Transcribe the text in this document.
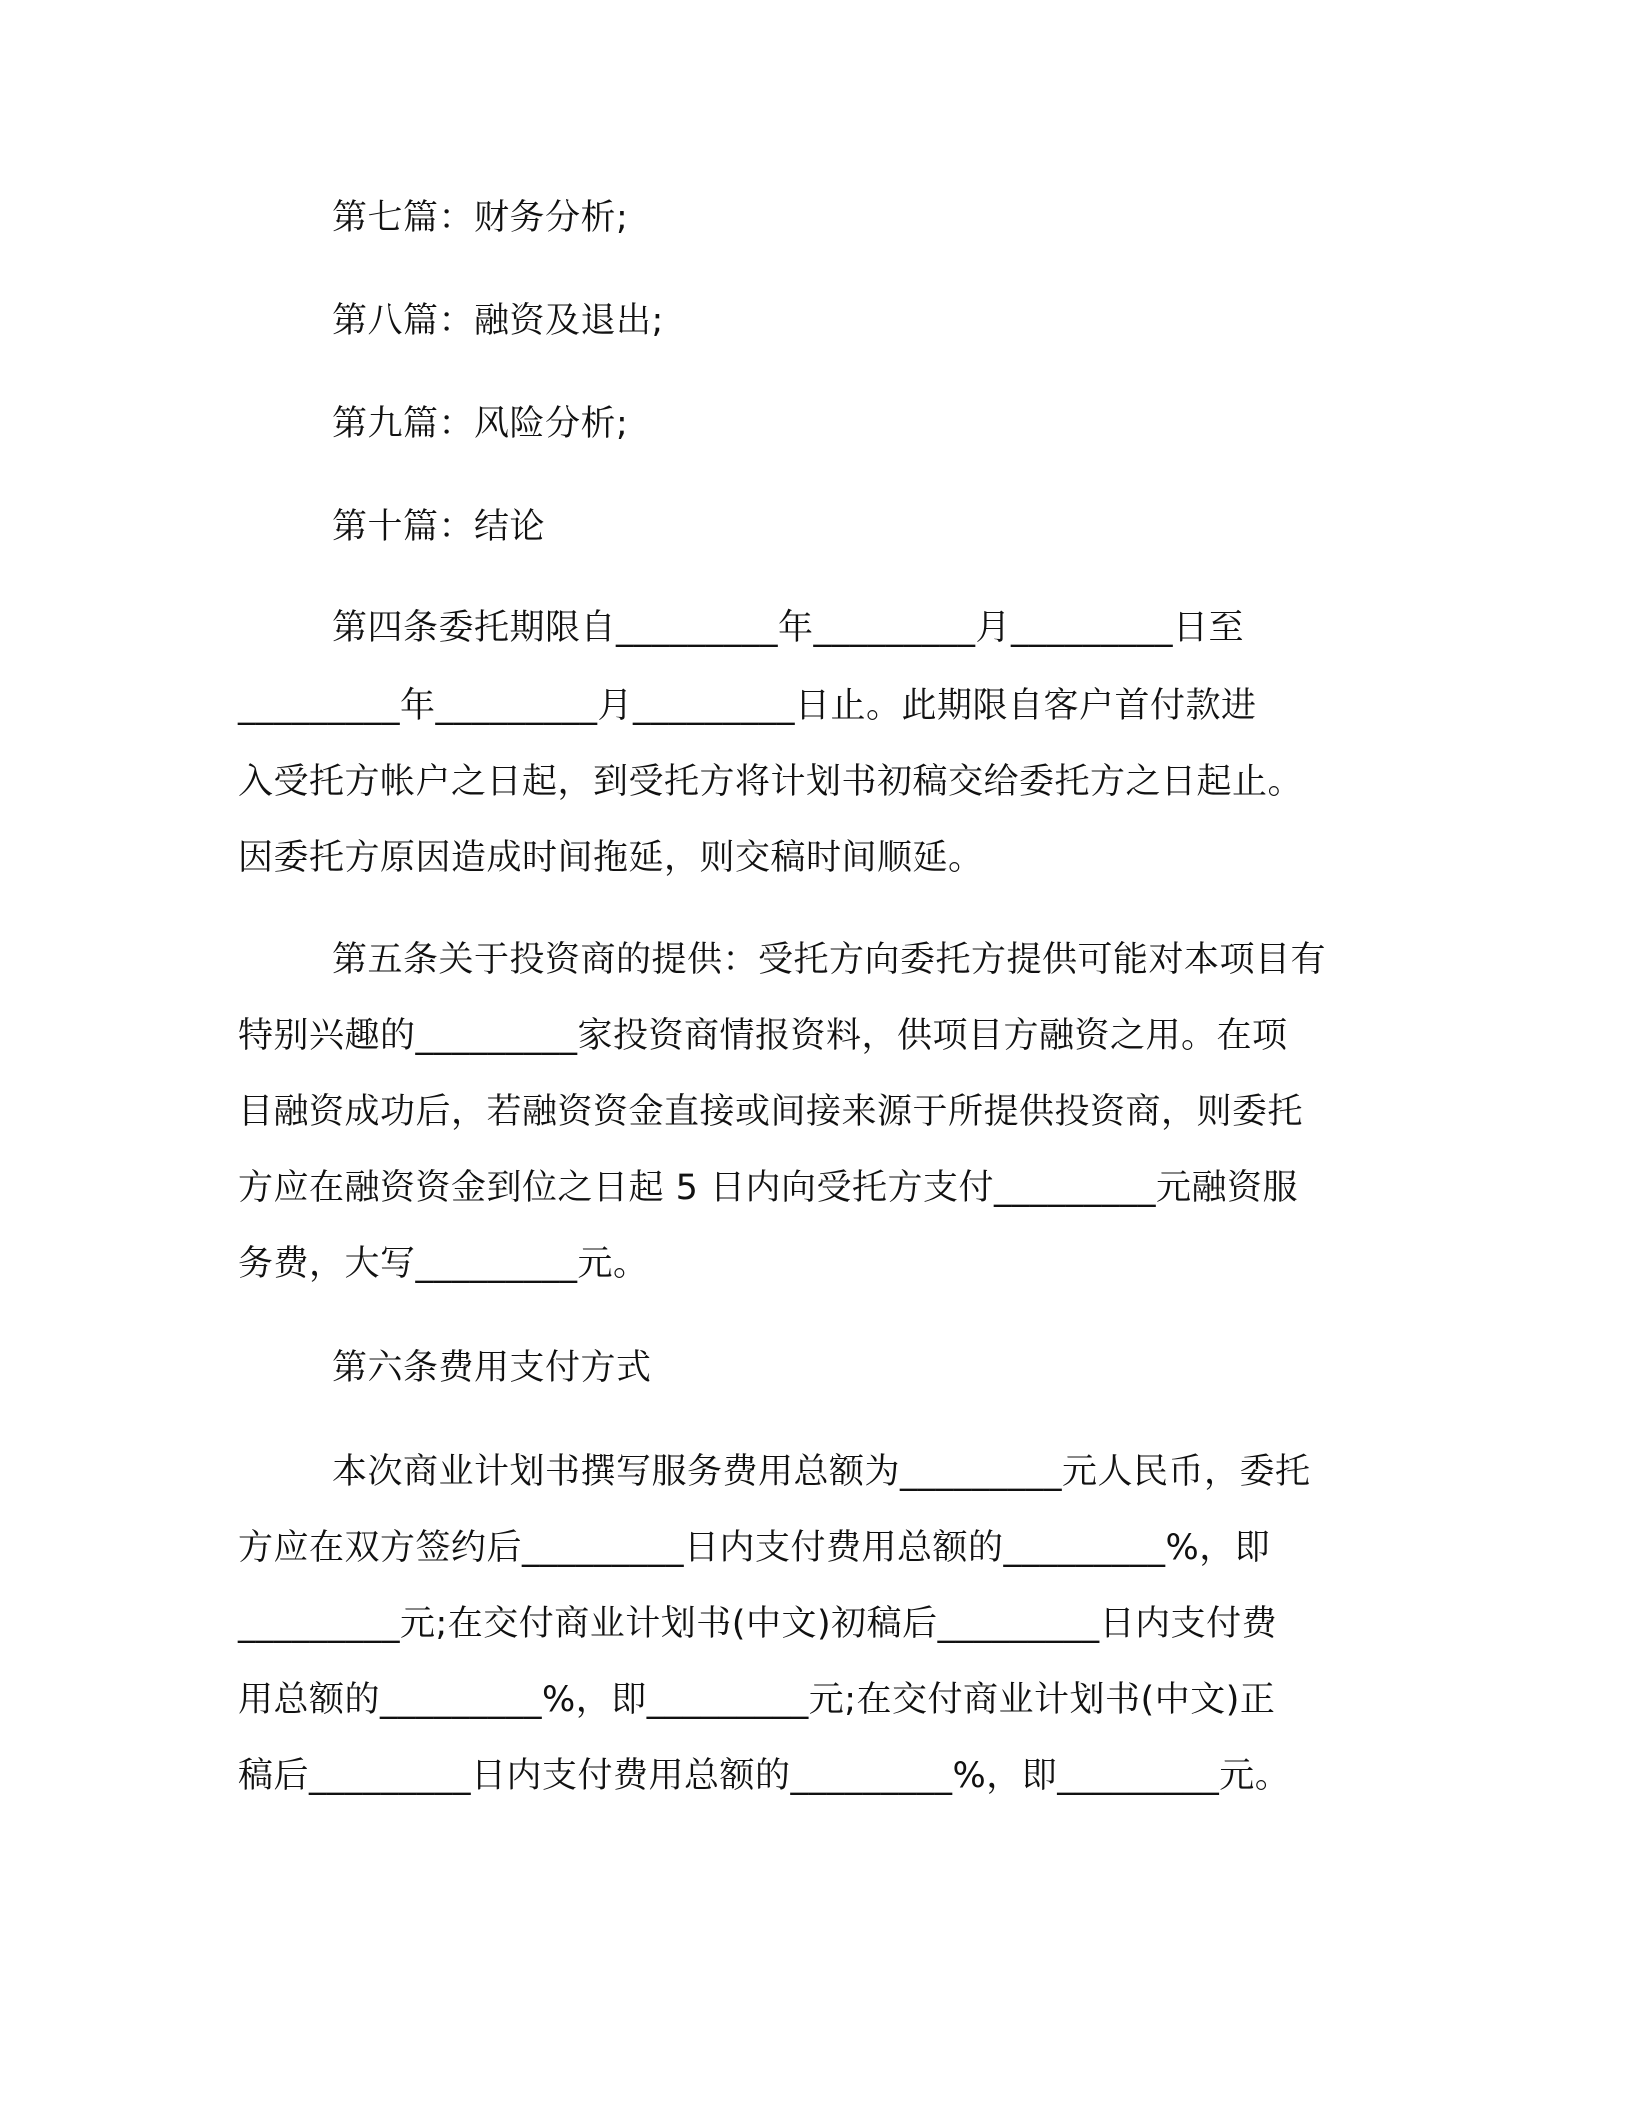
第七篇：财务分析;

第八篇：融资及退出;

第九篇：风险分析;

第十篇：结论

第四条委托期限自_________年_________月_________日至

_________年_________月_________日止。此期限自客户首付款进

入受托方帐户之日起，到受托方将计划书初稿交给委托方之日起止。

因委托方原因造成时间拖延，则交稿时间顺延。

第五条关于投资商的提供：受托方向委托方提供可能对本项目有

特别兴趣的_________家投资商情报资料，供项目方融资之用。在项

目融资成功后，若融资资金直接或间接来源于所提供投资商，则委托

方应在融资资金到位之日起 5 日内向受托方支付_________元融资服

务费，大写_________元。

第六条费用支付方式

本次商业计划书撰写服务费用总额为_________元人民币，委托

方应在双方签约后_________日内支付费用总额的_________%，即

_________元;在交付商业计划书(中文)初稿后_________日内支付费

用总额的_________%，即_________元;在交付商业计划书(中文)正

稿后_________日内支付费用总额的_________%，即_________元。
